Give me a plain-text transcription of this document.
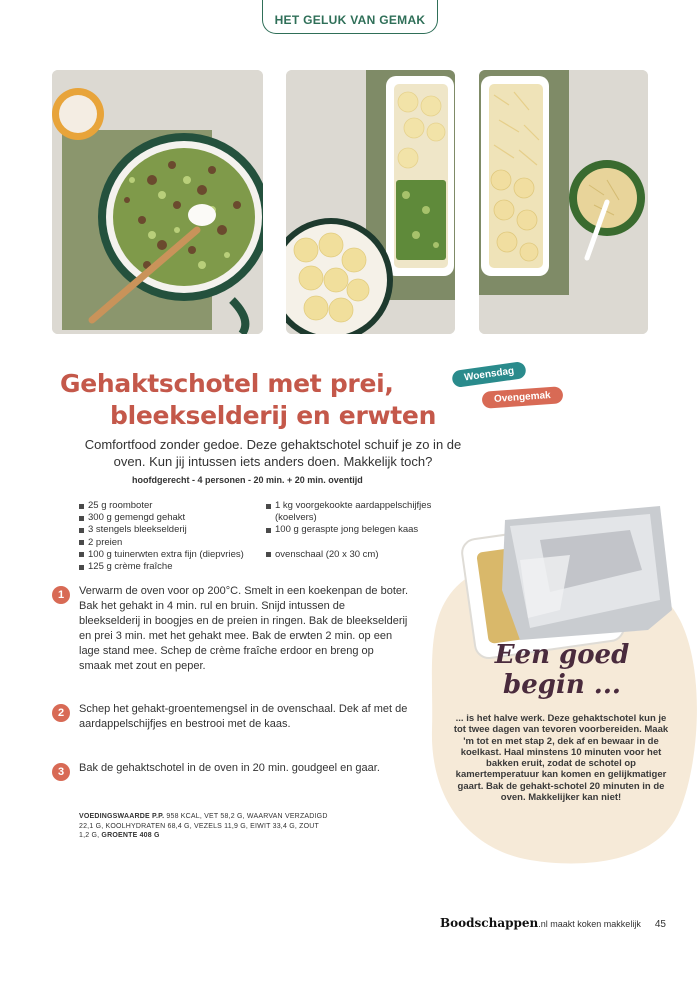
HET GELUK VAN GEMAK
Gehaktschotel met prei,
bleekselderij en erwten
Woensdag
Ovengemak
Comfortfood zonder gedoe. Deze gehaktschotel schuif je zo in de oven. Kun jij intussen iets anders doen. Makkelijk toch?
hoofdgerecht - 4 personen - 20 min. + 20 min. oventijd
25 g roomboter
300 g gemengd gehakt
3 stengels bleekselderij
2 preien
100 g tuinerwten extra fijn (diepvries)
125 g crème fraîche
1 kg voorgekookte aardappelschijfjes
(koelvers)
100 g geraspte jong belegen kaas
ovenschaal (20 x 30 cm)
1	Verwarm de oven voor op 200°C. Smelt in een koekenpan de boter. Bak het gehakt in 4 min. rul en bruin. Snijd intussen de bleekselderij in boogjes en de preien in ringen. Bak de bleekselderij en prei 3 min. met het gehakt mee. Bak de erwten 2 min. op een lage stand mee. Schep de crème fraîche erdoor en breng op smaak met zout en peper.
2	Schep het gehakt-groentemengsel in de ovenschaal. Dek af met de aardappelschijfjes en bestrooi met de kaas.
3	Bak de gehaktschotel in de oven in 20 min. goudgeel en gaar.
VOEDINGSWAARDE P.P. 958 KCAL, VET 58,2 G, WAARVAN VERZADIGD 22,1 G, KOOLHYDRATEN 68,4 G, VEZELS 11,9 G, EIWIT 33,4 G, ZOUT 1,2 G, GROENTE 408 G
Een goed
begin ...
... is het halve werk. Deze gehaktschotel kun je tot twee dagen van tevoren voorbereiden. Maak 'm tot en met stap 2, dek af en bewaar in de koelkast. Haal minstens 10 minuten voor het bakken eruit, zodat de schotel op kamertemperatuur kan komen en gelijkmatiger gaart. Bak de gehakt-schotel 20 minuten in de oven. Makkelijker kan niet!
Boodschappen.nl maakt koken makkelijk 45
